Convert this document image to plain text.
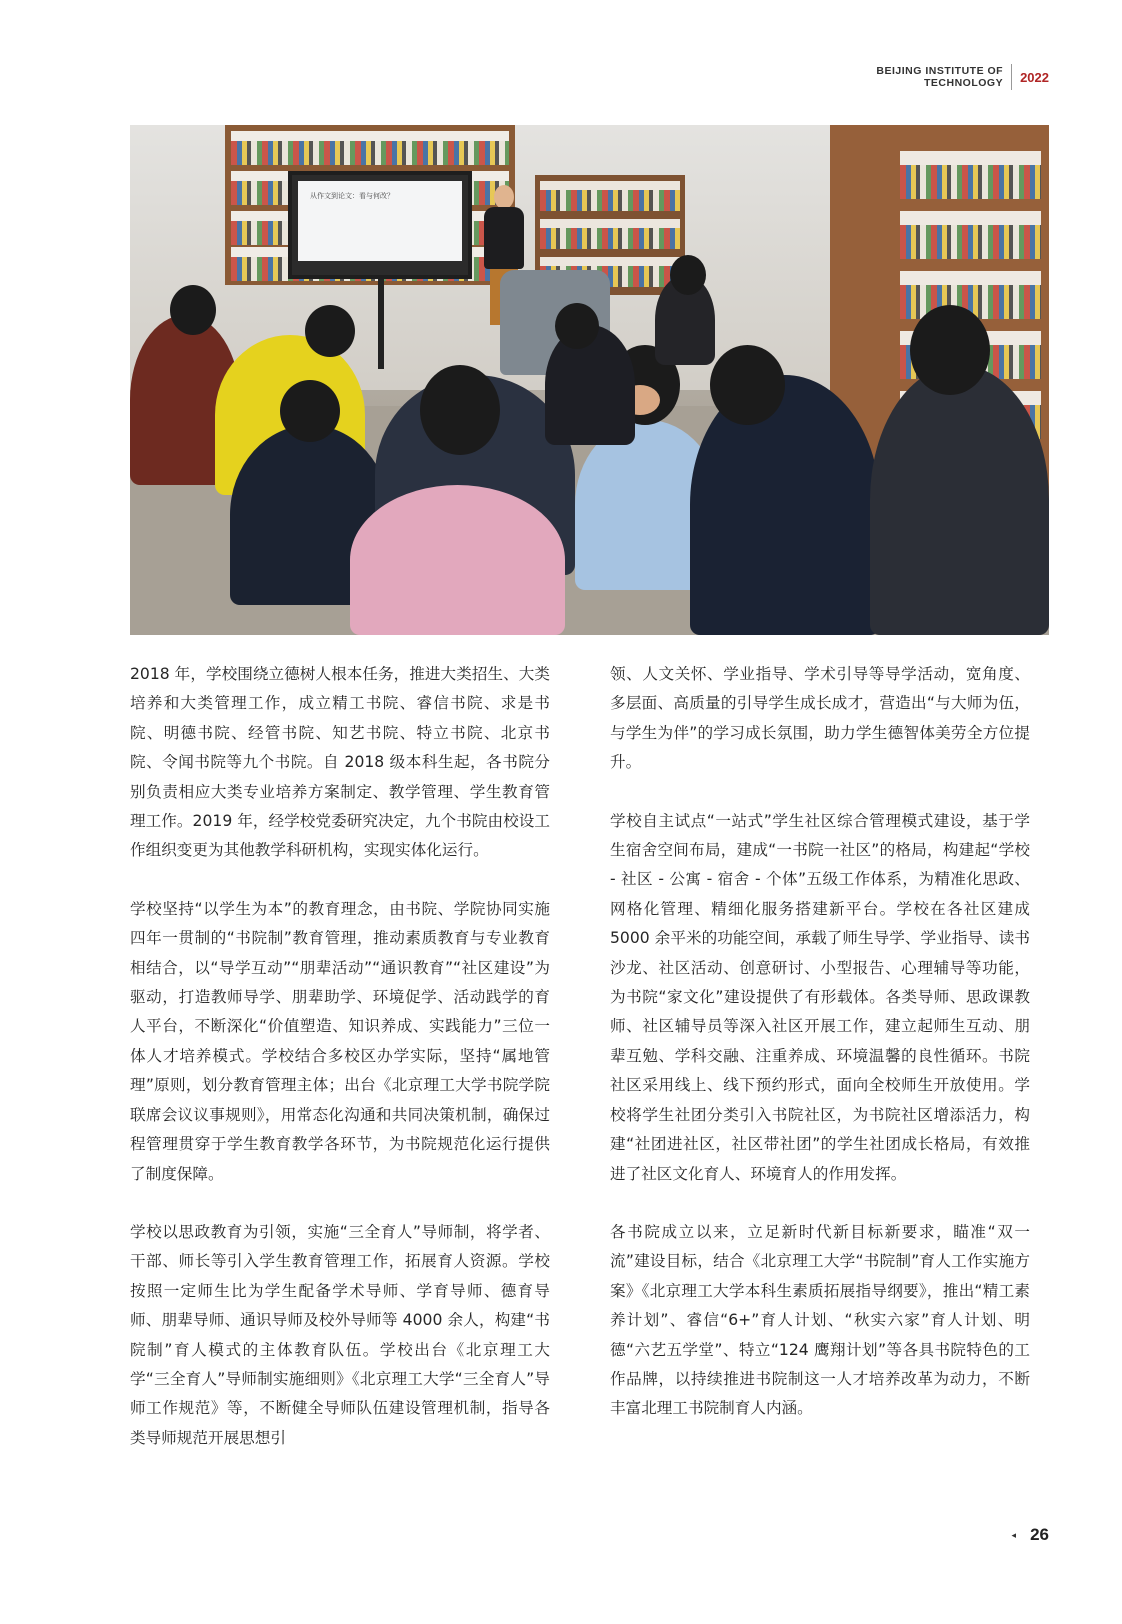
BEIJING INSTITUTE OF
TECHNOLOGY 2022
从作文到论文：看与何改？

2018 年，学校围绕立德树人根本任务，推进大类招生、大类培养和大类管理工作，成立精工书院、睿信书院、求是书院、明德书院、经管书院、知艺书院、特立书院、北京书院、令闻书院等九个书院。自 2018 级本科生起，各书院分别负责相应大类专业培养方案制定、教学管理、学生教育管理工作。2019 年，经学校党委研究决定，九个书院由校设工作组织变更为其他教学科研机构，实现实体化运行。

学校坚持“以学生为本”的教育理念，由书院、学院协同实施四年一贯制的“书院制”教育管理，推动素质教育与专业教育相结合，以“导学互动”“朋辈活动”“通识教育”“社区建设”为驱动，打造教师导学、朋辈助学、环境促学、活动践学的育人平台，不断深化“价值塑造、知识养成、实践能力”三位一体人才培养模式。学校结合多校区办学实际，坚持“属地管理”原则，划分教育管理主体；出台《北京理工大学书院学院联席会议议事规则》，用常态化沟通和共同决策机制，确保过程管理贯穿于学生教育教学各环节，为书院规范化运行提供了制度保障。

学校以思政教育为引领，实施“三全育人”导师制，将学者、干部、师长等引入学生教育管理工作，拓展育人资源。学校按照一定师生比为学生配备学术导师、学育导师、德育导师、朋辈导师、通识导师及校外导师等 4000 余人，构建“书院制”育人模式的主体教育队伍。学校出台《北京理工大学“三全育人”导师制实施细则》《北京理工大学“三全育人”导师工作规范》等，不断健全导师队伍建设管理机制，指导各类导师规范开展思想引

领、人文关怀、学业指导、学术引导等导学活动，宽角度、多层面、高质量的引导学生成长成才，营造出“与大师为伍，与学生为伴”的学习成长氛围，助力学生德智体美劳全方位提升。

学校自主试点“一站式”学生社区综合管理模式建设，基于学生宿舍空间布局，建成“一书院一社区”的格局，构建起“学校 - 社区 - 公寓 - 宿舍 - 个体”五级工作体系，为精准化思政、网格化管理、精细化服务搭建新平台。学校在各社区建成 5000 余平米的功能空间，承载了师生导学、学业指导、读书沙龙、社区活动、创意研讨、小型报告、心理辅导等功能，为书院“家文化”建设提供了有形载体。各类导师、思政课教师、社区辅导员等深入社区开展工作，建立起师生互动、朋辈互勉、学科交融、注重养成、环境温馨的良性循环。书院社区采用线上、线下预约形式，面向全校师生开放使用。学校将学生社团分类引入书院社区，为书院社区增添活力，构建“社团进社区，社区带社团”的学生社团成长格局，有效推进了社区文化育人、环境育人的作用发挥。

各书院成立以来，立足新时代新目标新要求，瞄准“双一流”建设目标，结合《北京理工大学“书院制”育人工作实施方案》《北京理工大学本科生素质拓展指导纲要》，推出“精工素养计划”、睿信“6+”育人计划、“秋实六家”育人计划、明德“六艺五学堂”、特立“124 鹰翔计划”等各具书院特色的工作品牌，以持续推进书院制这一人才培养改革为动力，不断丰富北理工书院制育人内涵。

◂ 26
